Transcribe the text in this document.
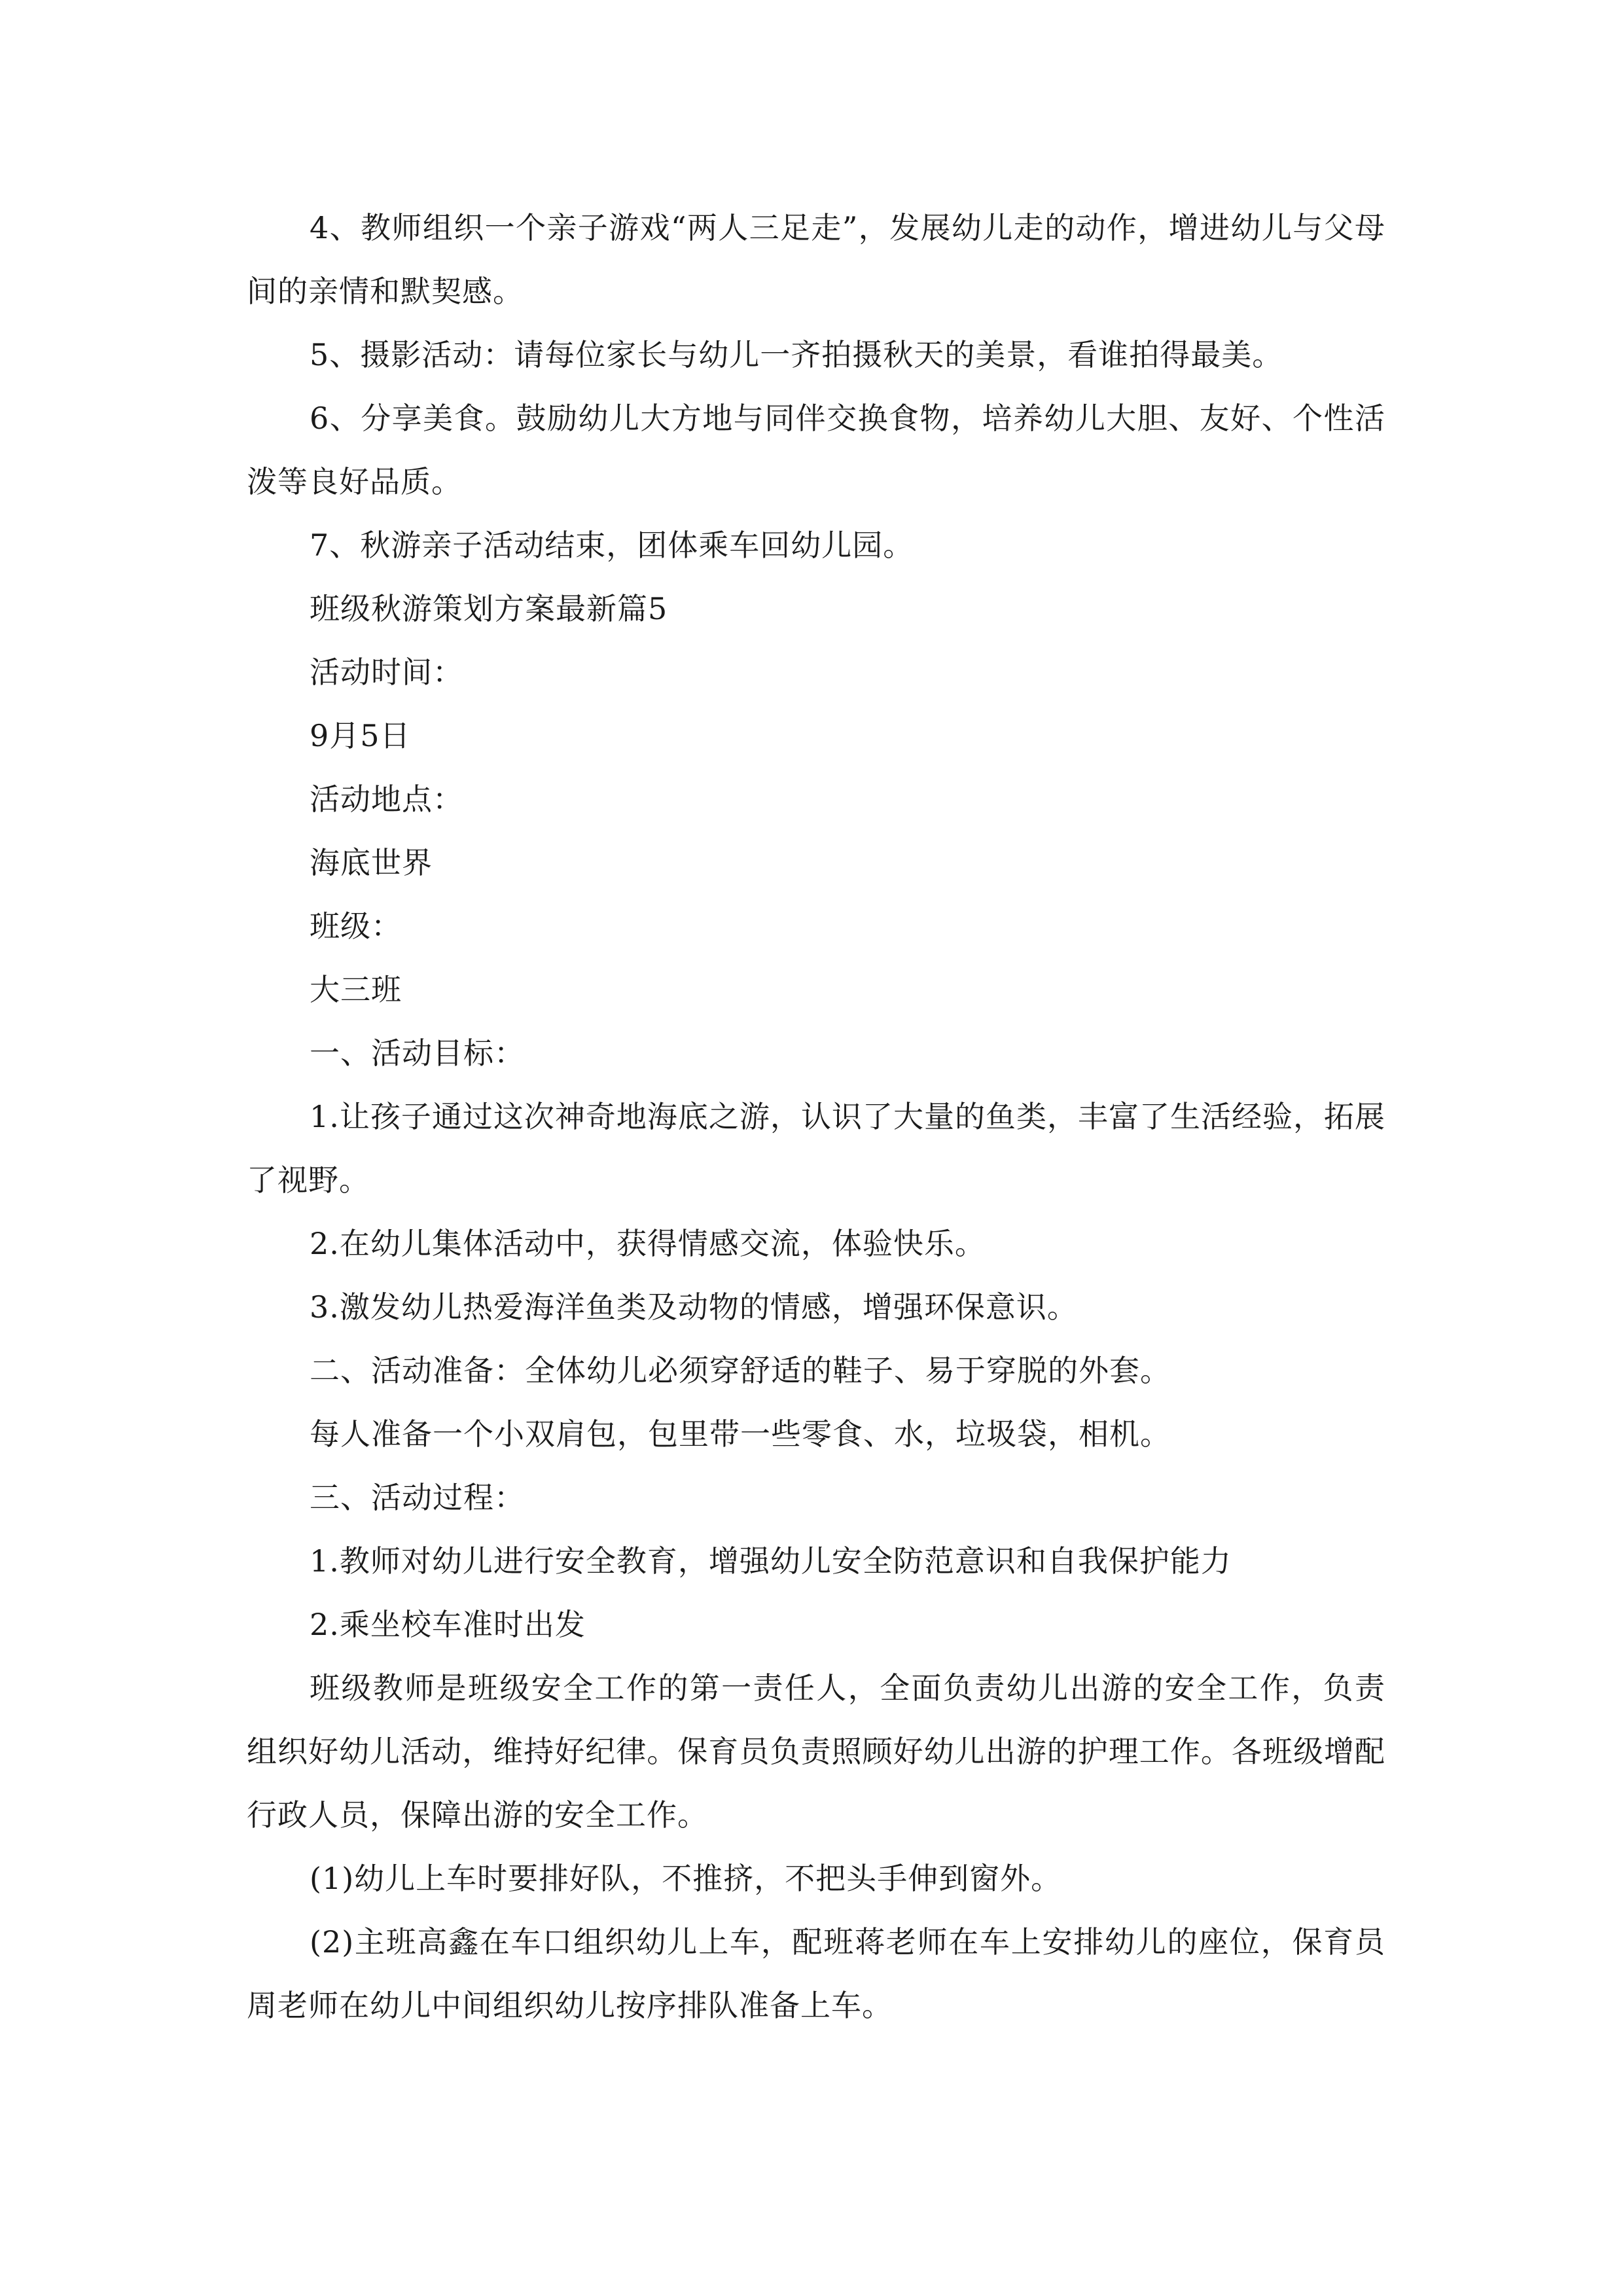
4、教师组织一个亲子游戏“两人三足走”，发展幼儿走的动作，增进幼儿与父母间的亲情和默契感。

5、摄影活动：请每位家长与幼儿一齐拍摄秋天的美景，看谁拍得最美。

6、分享美食。鼓励幼儿大方地与同伴交换食物，培养幼儿大胆、友好、个性活泼等良好品质。

7、秋游亲子活动结束，团体乘车回幼儿园。

班级秋游策划方案最新篇5

活动时间：

9月5日

活动地点：

海底世界

班级：

大三班

一、活动目标：

1.让孩子通过这次神奇地海底之游，认识了大量的鱼类，丰富了生活经验，拓展了视野。

2.在幼儿集体活动中，获得情感交流，体验快乐。

3.激发幼儿热爱海洋鱼类及动物的情感，增强环保意识。

二、活动准备：全体幼儿必须穿舒适的鞋子、易于穿脱的外套。

每人准备一个小双肩包，包里带一些零食、水，垃圾袋，相机。

三、活动过程：

1.教师对幼儿进行安全教育，增强幼儿安全防范意识和自我保护能力

2.乘坐校车准时出发

班级教师是班级安全工作的第一责任人，全面负责幼儿出游的安全工作，负责组织好幼儿活动，维持好纪律。保育员负责照顾好幼儿出游的护理工作。各班级增配行政人员，保障出游的安全工作。

(1)幼儿上车时要排好队，不推挤，不把头手伸到窗外。

(2)主班高鑫在车口组织幼儿上车，配班蒋老师在车上安排幼儿的座位，保育员周老师在幼儿中间组织幼儿按序排队准备上车。
